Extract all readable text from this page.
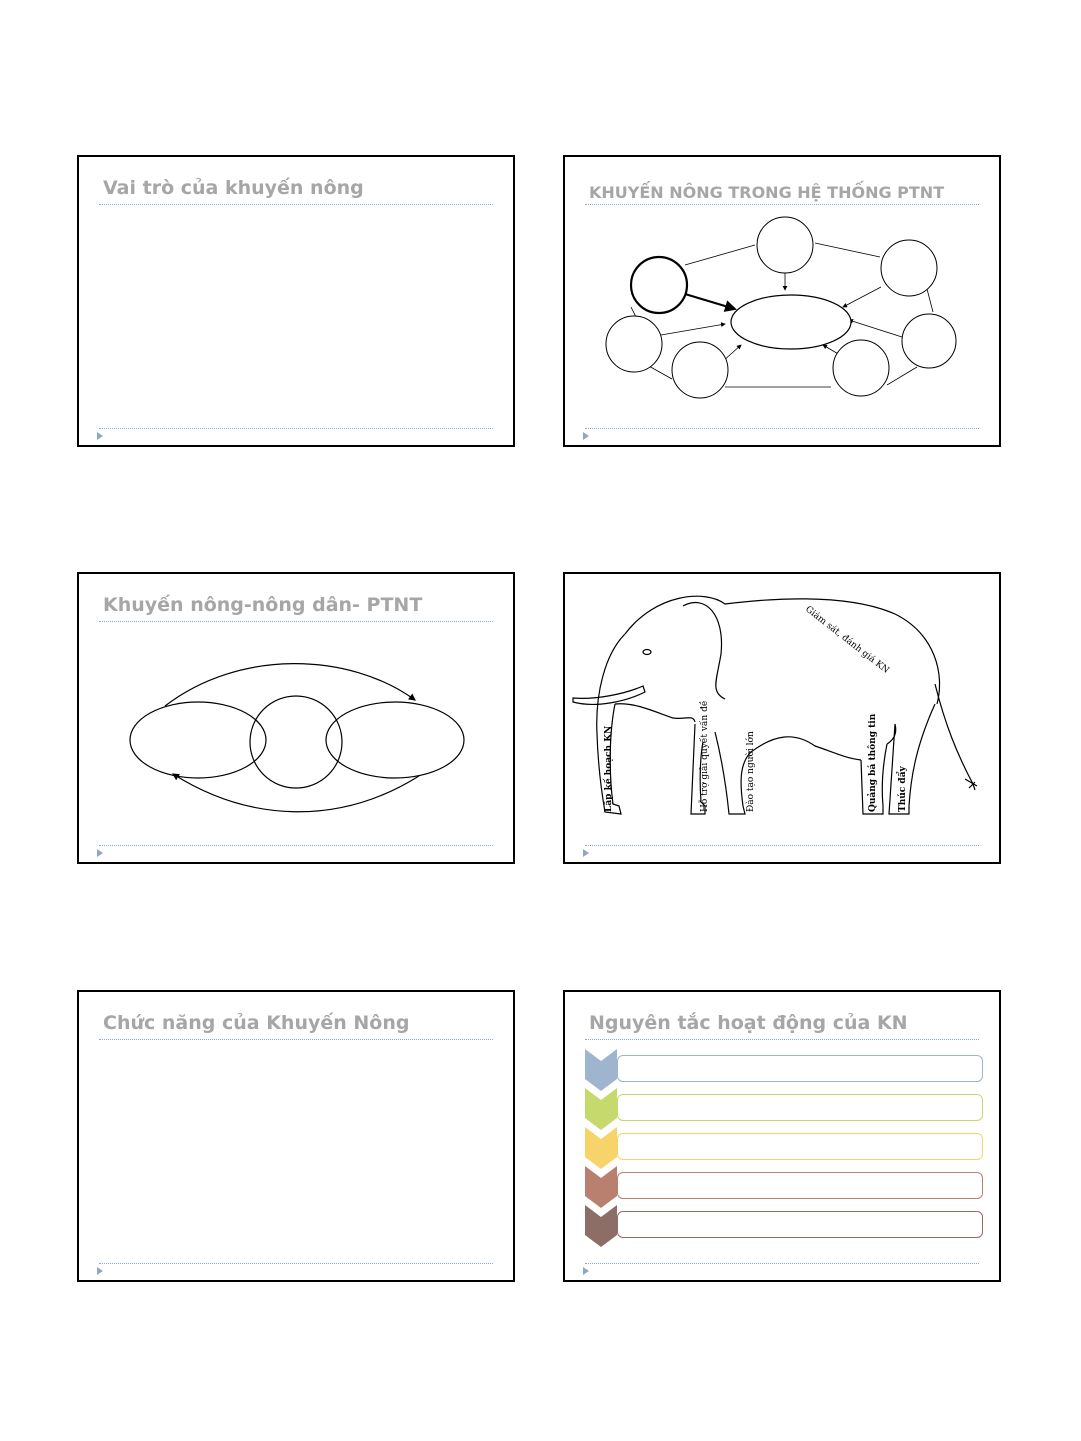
Vai trò của khuyến nông	KHUYẾN NÔNG TRONG HỆ THỐNG PTNT
Khuyến nông-nông dân- PTNT	Giám sát, đánh giá KN
Lập kế hoạch KN	Hỗ trợ giải quyết vấn đề	Đào tạo người lớn	Quảng bá thông tin Thúc đẩy
Chức năng của Khuyến Nông	Nguyên tắc hoạt động của KN
